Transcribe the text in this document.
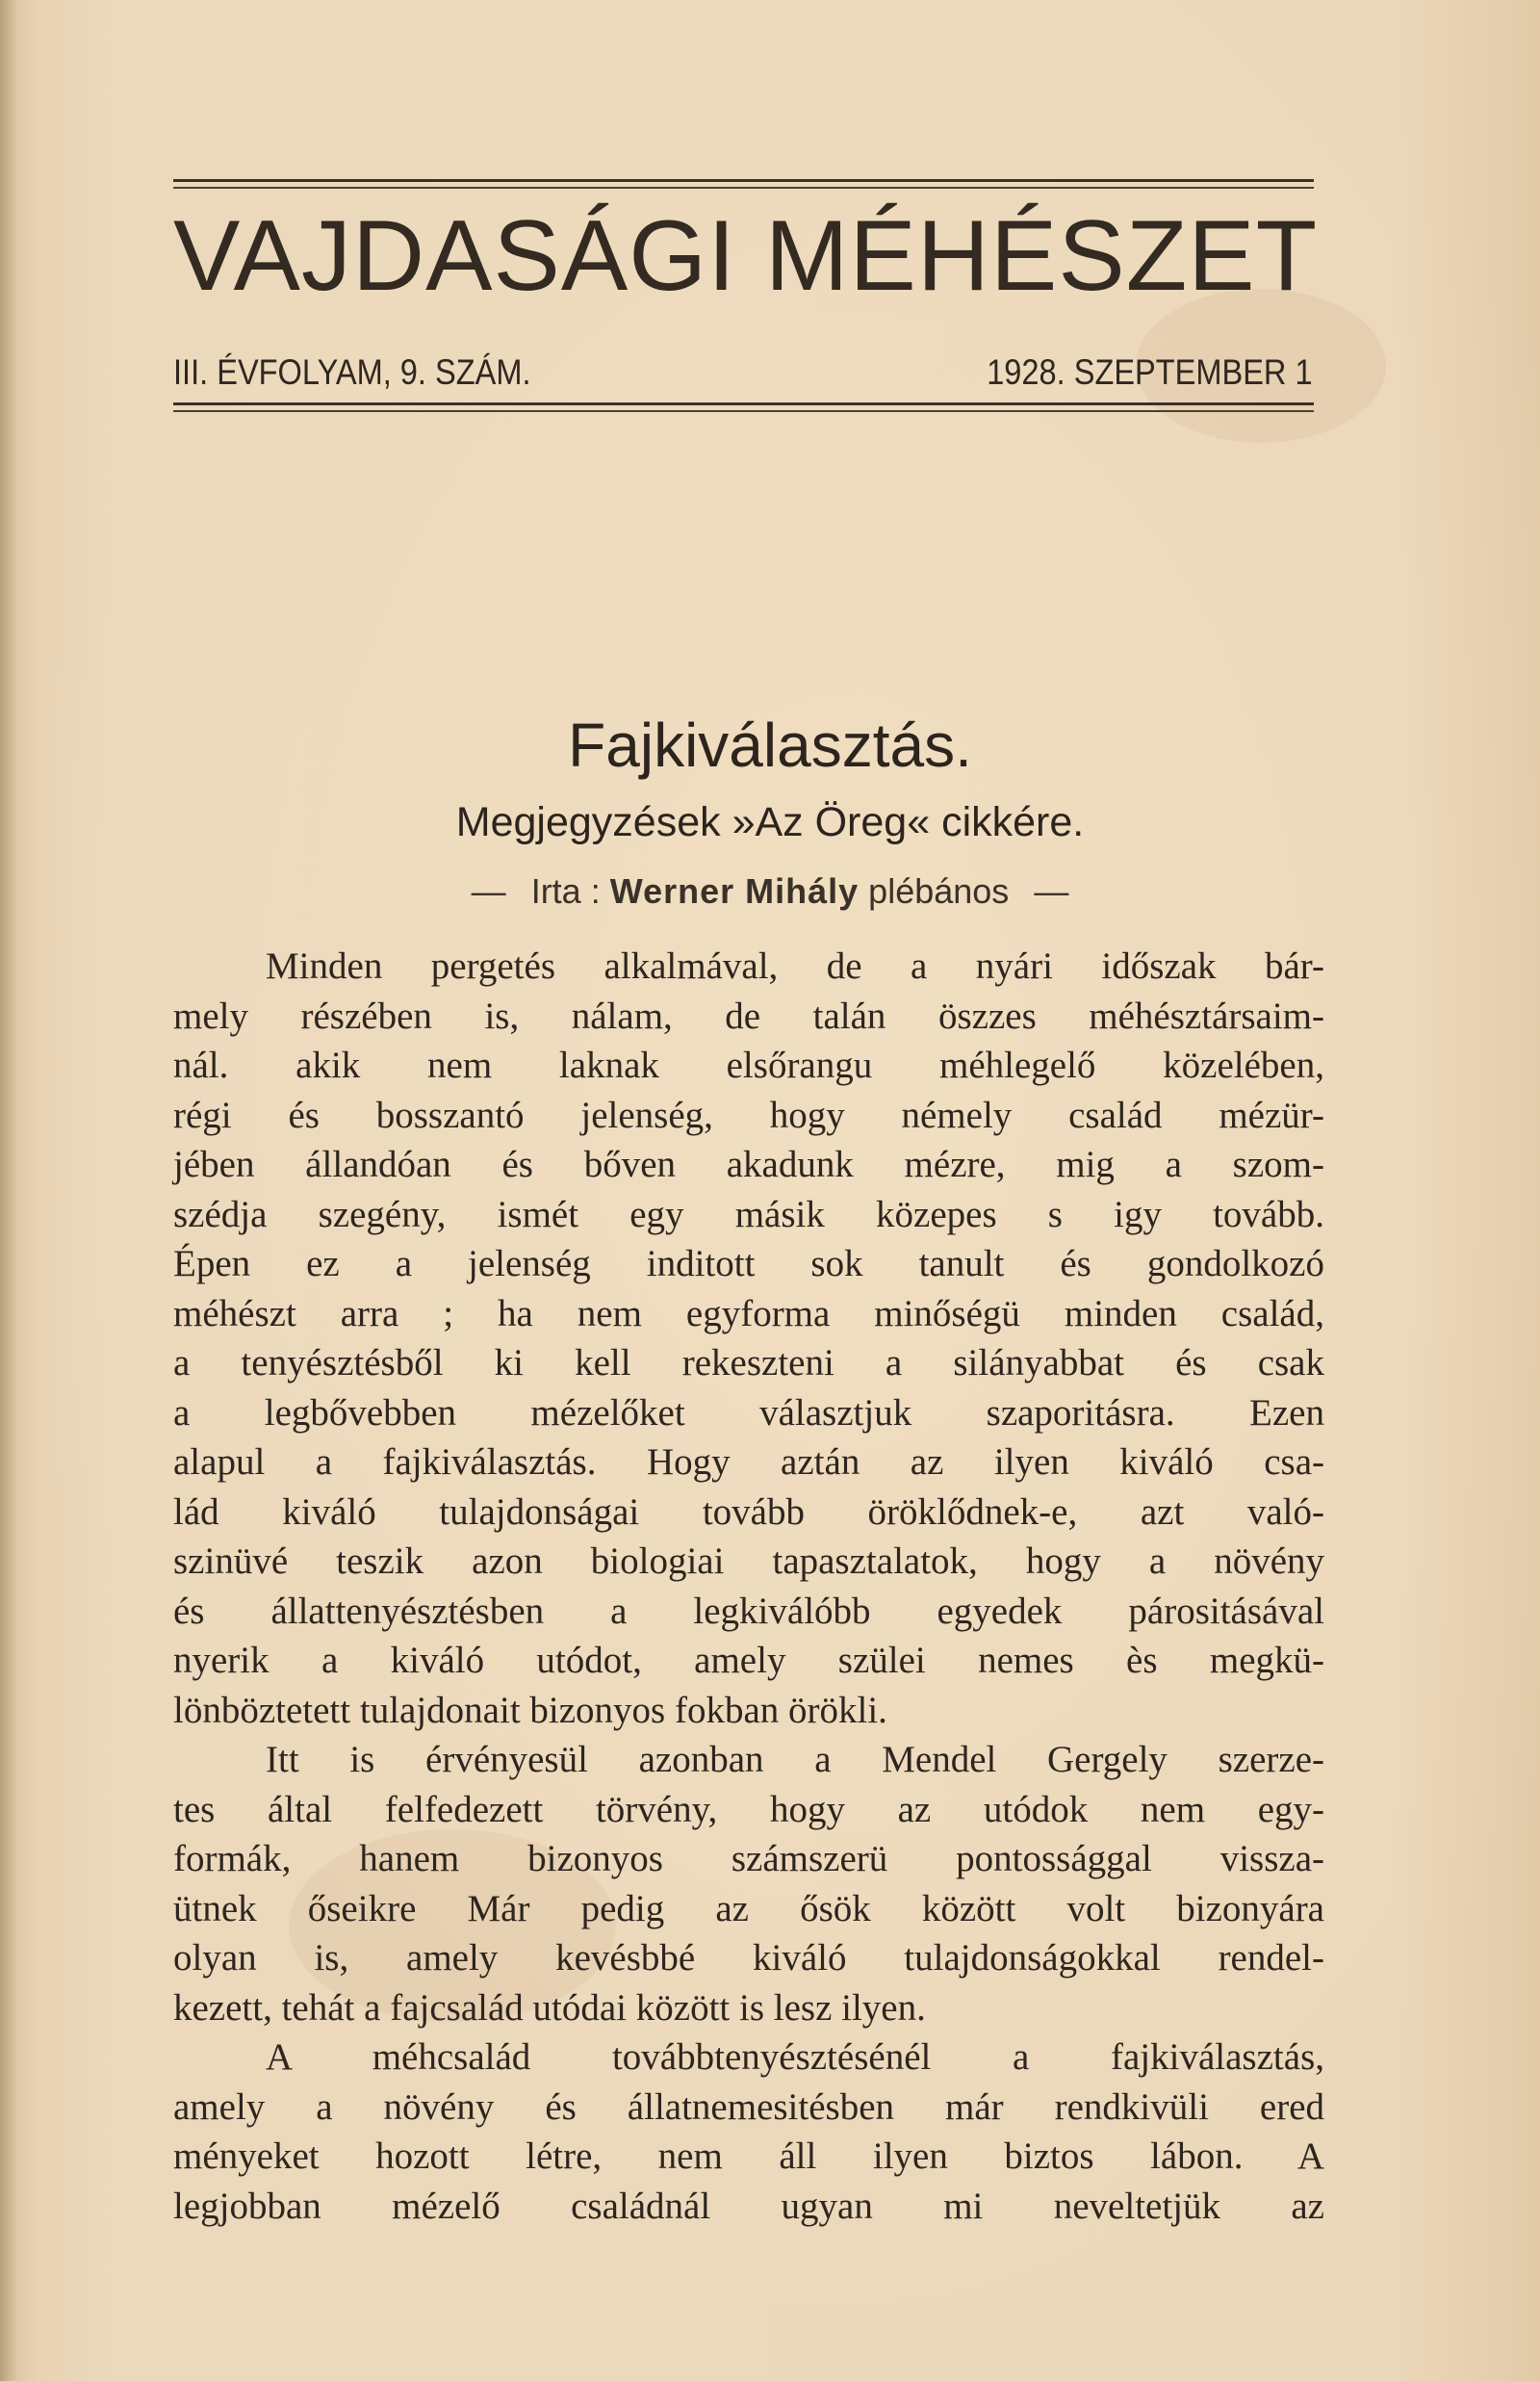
VAJDASÁGI MÉHÉSZET
III. ÉVFOLYAM, 9. SZÁM.	1928. SZEPTEMBER 1
Fajkiválasztás.
Megjegyzések »Az Öreg« cikkére.
— Irta : Werner Mihály plébános —
Minden pergetés alkalmával, de a nyári időszak bár-
mely részében is, nálam, de talán öszzes méhésztársaim-
nál. akik nem laknak elsőrangu méhlegelő közelében,
régi és bosszantó jelenség, hogy némely család mézür-
jében állandóan és bőven akadunk mézre, mig a szom-
szédja szegény, ismét egy másik közepes s igy tovább.
Épen ez a jelenség inditott sok tanult és gondolkozó
méhészt arra ; ha nem egyforma minőségü minden család,
a tenyésztésből ki kell rekeszteni a silányabbat és csak
a legbővebben mézelőket választjuk szaporitásra. Ezen
alapul a fajkiválasztás. Hogy aztán az ilyen kiváló csa-
lád kiváló tulajdonságai tovább öröklődnek-e, azt való-
szinüvé teszik azon biologiai tapasztalatok, hogy a növény
és állattenyésztésben a legkiválóbb egyedek párositásával
nyerik a kiváló utódot, amely szülei nemes ès megkü-
lönböztetett tulajdonait bizonyos fokban örökli.
Itt is érvényesül azonban a Mendel Gergely szerze-
tes által felfedezett törvény, hogy az utódok nem egy-
formák, hanem bizonyos számszerü pontossággal vissza-
ütnek őseikre Már pedig az ősök között volt bizonyára
olyan is, amely kevésbbé kiváló tulajdonságokkal rendel-
kezett, tehát a fajcsalád utódai között is lesz ilyen.
A méhcsalád továbbtenyésztésénél a fajkiválasztás,
amely a növény és állatnemesitésben már rendkivüli ered
ményeket hozott létre, nem áll ilyen biztos lábon. A
legjobban mézelő családnál ugyan mi neveltetjük az
